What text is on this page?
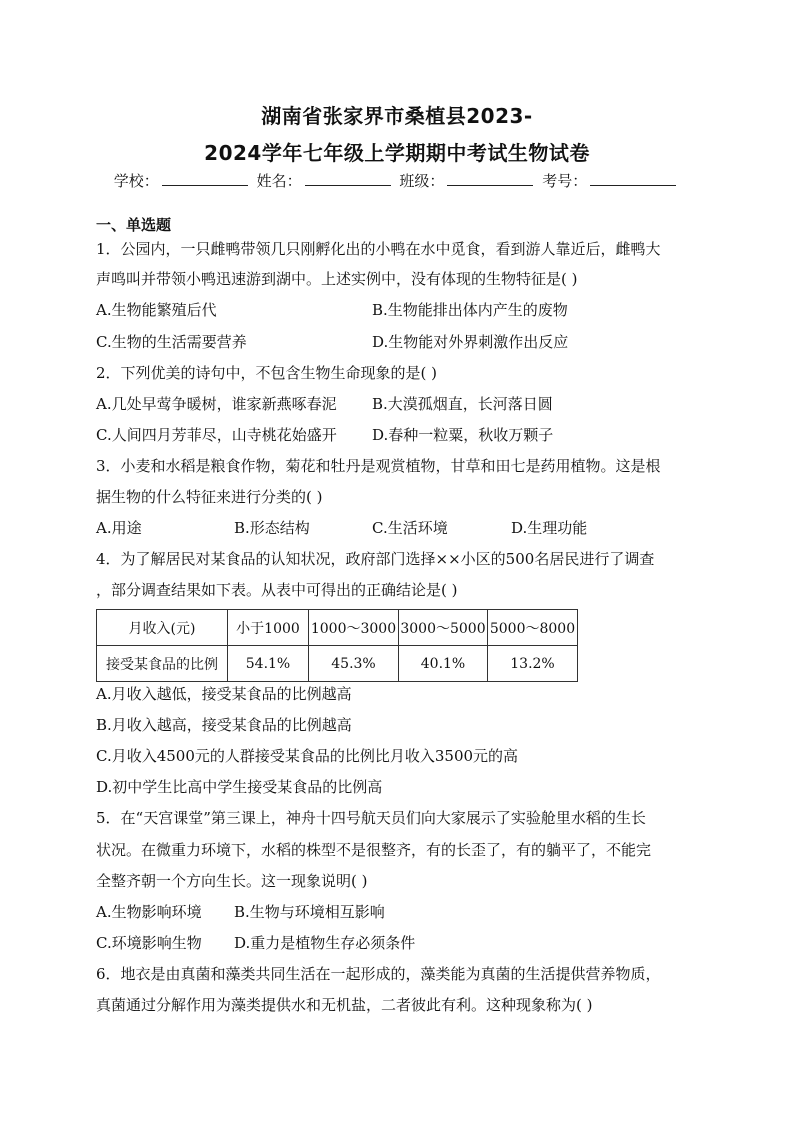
湖南省张家界市桑植县2023-
2024学年七年级上学期期中考试生物试卷
学校：	姓名：	班级：	考号：
一、单选题
1．公园内，一只雌鸭带领几只刚孵化出的小鸭在水中觅食，看到游人靠近后，雌鸭大
声鸣叫并带领小鸭迅速游到湖中。上述实例中，没有体现的生物特征是( )
A.生物能繁殖后代	B.生物能排出体内产生的废物
C.生物的生活需要营养	D.生物能对外界刺激作出反应
2．下列优美的诗句中，不包含生物生命现象的是( )
A.几处早莺争暖树，谁家新燕啄春泥 B.大漠孤烟直，长河落日圆
C.人间四月芳菲尽，山寺桃花始盛开 D.春种一粒粟，秋收万颗子
3．小麦和水稻是粮食作物，菊花和牡丹是观赏植物，甘草和田七是药用植物。这是根
据生物的什么特征来进行分类的( )
A.用途	B.形态结构	C.生活环境	D.生理功能
4．为了解居民对某食品的认知状况，政府部门选择××小区的500名居民进行了调查
，部分调查结果如下表。从表中可得出的正确结论是( )
月收入(元)	小于1000	1000～3000	3000～5000	5000～8000
接受某食品的比例	54.1%	45.3%	40.1%	13.2%
A.月收入越低，接受某食品的比例越高
B.月收入越高，接受某食品的比例越高
C.月收入4500元的人群接受某食品的比例比月收入3500元的高
D.初中学生比高中学生接受某食品的比例高
5．在“天宫课堂”第三课上，神舟十四号航天员们向大家展示了实验舱里水稻的生长
状况。在微重力环境下，水稻的株型不是很整齐，有的长歪了，有的躺平了，不能完
全整齐朝一个方向生长。这一现象说明( )
A.生物影响环境 B.生物与环境相互影响
C.环境影响生物 D.重力是植物生存必须条件
6．地衣是由真菌和藻类共同生活在一起形成的，藻类能为真菌的生活提供营养物质，
真菌通过分解作用为藻类提供水和无机盐，二者彼此有利。这种现象称为( )
